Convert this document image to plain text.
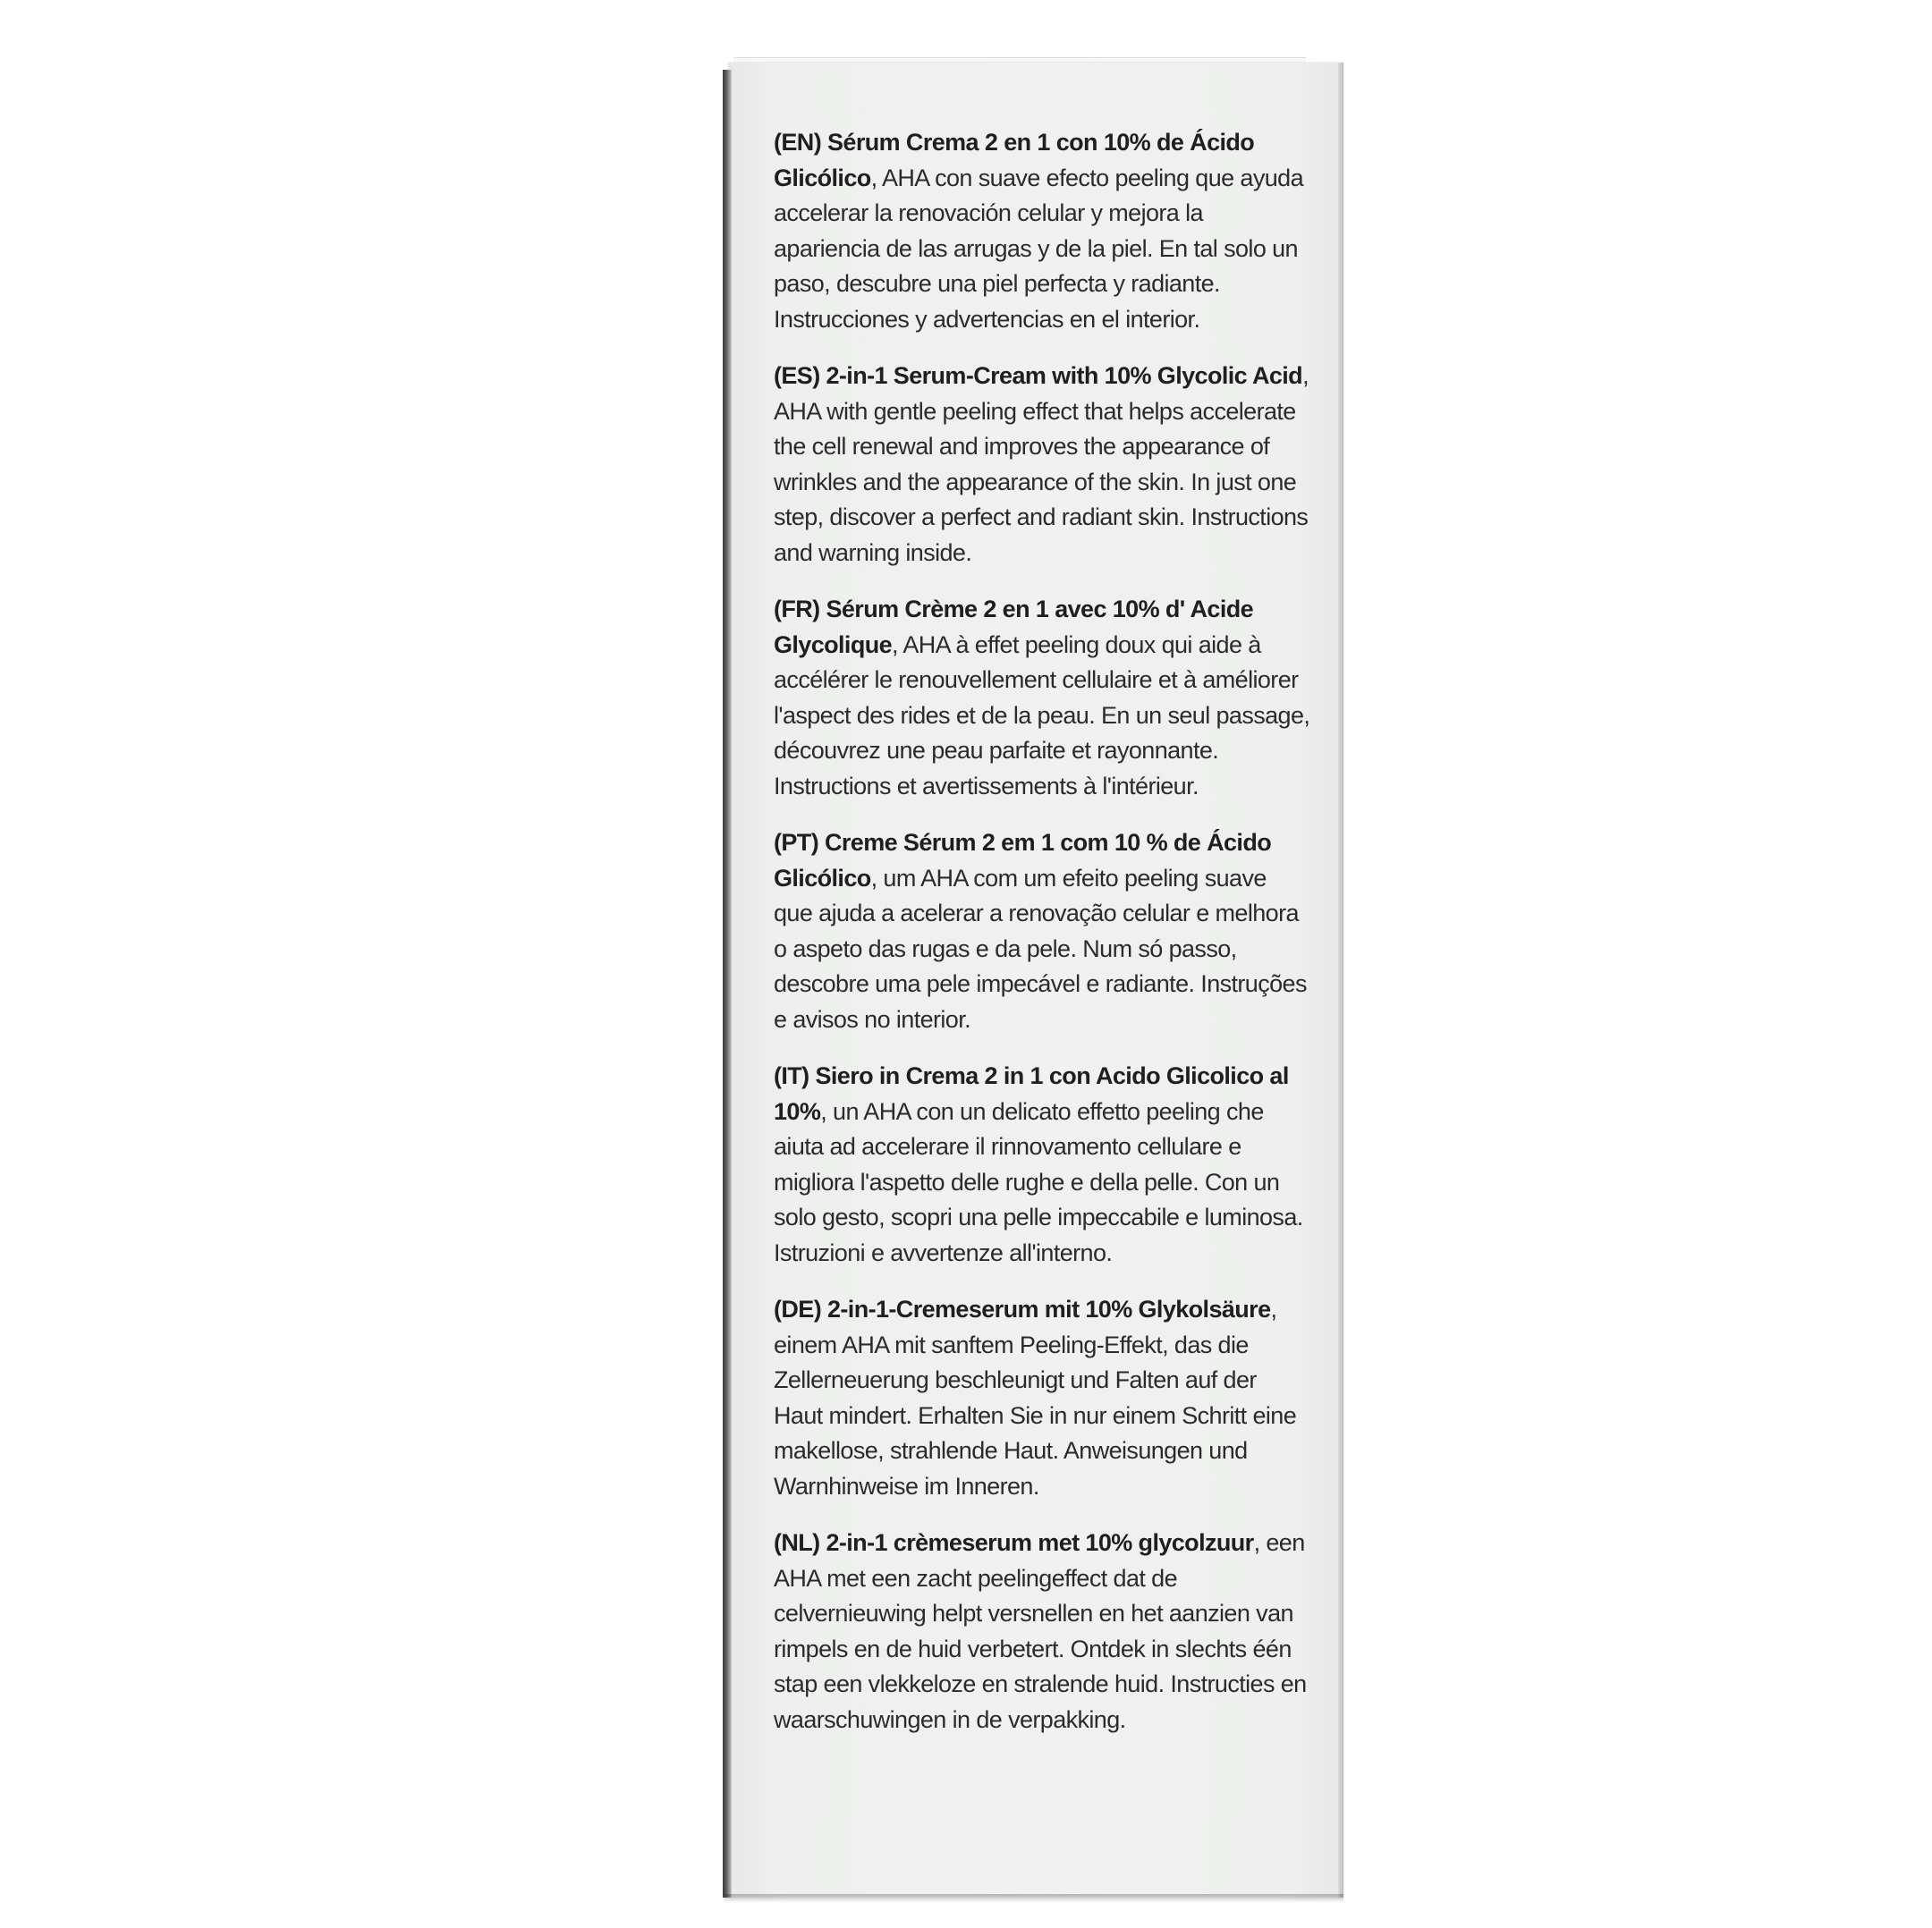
(EN) Sérum Crema 2 en 1 con 10% de Ácido Glicólico, AHA con suave efecto peeling que ayuda accelerar la renovación celular y mejora la apariencia de las arrugas y de la piel. En tal solo un paso, descubre una piel perfecta y radiante. Instrucciones y advertencias en el interior.

(ES) 2-in-1 Serum-Cream with 10% Glycolic Acid, AHA with gentle peeling effect that helps accelerate the cell renewal and improves the appearance of wrinkles and the appearance of the skin. In just one step, discover a perfect and radiant skin. Instructions and warning inside.

(FR) Sérum Crème 2 en 1 avec 10% d' Acide Glycolique, AHA à effet peeling doux qui aide à accélérer le renouvellement cellulaire et à améliorer l'aspect des rides et de la peau. En un seul passage, découvrez une peau parfaite et rayonnante. Instructions et avertissements à l'intérieur.

(PT) Creme Sérum 2 em 1 com 10 % de Ácido Glicólico, um AHA com um efeito peeling suave que ajuda a acelerar a renovação celular e melhora o aspeto das rugas e da pele. Num só passo, descobre uma pele impecável e radiante. Instruções e avisos no interior.

(IT) Siero in Crema 2 in 1 con Acido Glicolico al 10%, un AHA con un delicato effetto peeling che aiuta ad accelerare il rinnovamento cellulare e migliora l'aspetto delle rughe e della pelle. Con un solo gesto, scopri una pelle impeccabile e luminosa. Istruzioni e avvertenze all'interno.

(DE) 2-in-1-Cremeserum mit 10% Glykolsäure, einem AHA mit sanftem Peeling-Effekt, das die Zellerneuerung beschleunigt und Falten auf der Haut mindert. Erhalten Sie in nur einem Schritt eine makellose, strahlende Haut. Anweisungen und Warnhinweise im Inneren.

(NL) 2-in-1 crèmeserum met 10% glycolzuur, een AHA met een zacht peelingeffect dat de celvernieuwing helpt versnellen en het aanzien van rimpels en de huid verbetert. Ontdek in slechts één stap een vlekkeloze en stralende huid. Instructies en waarschuwingen in de verpakking.
